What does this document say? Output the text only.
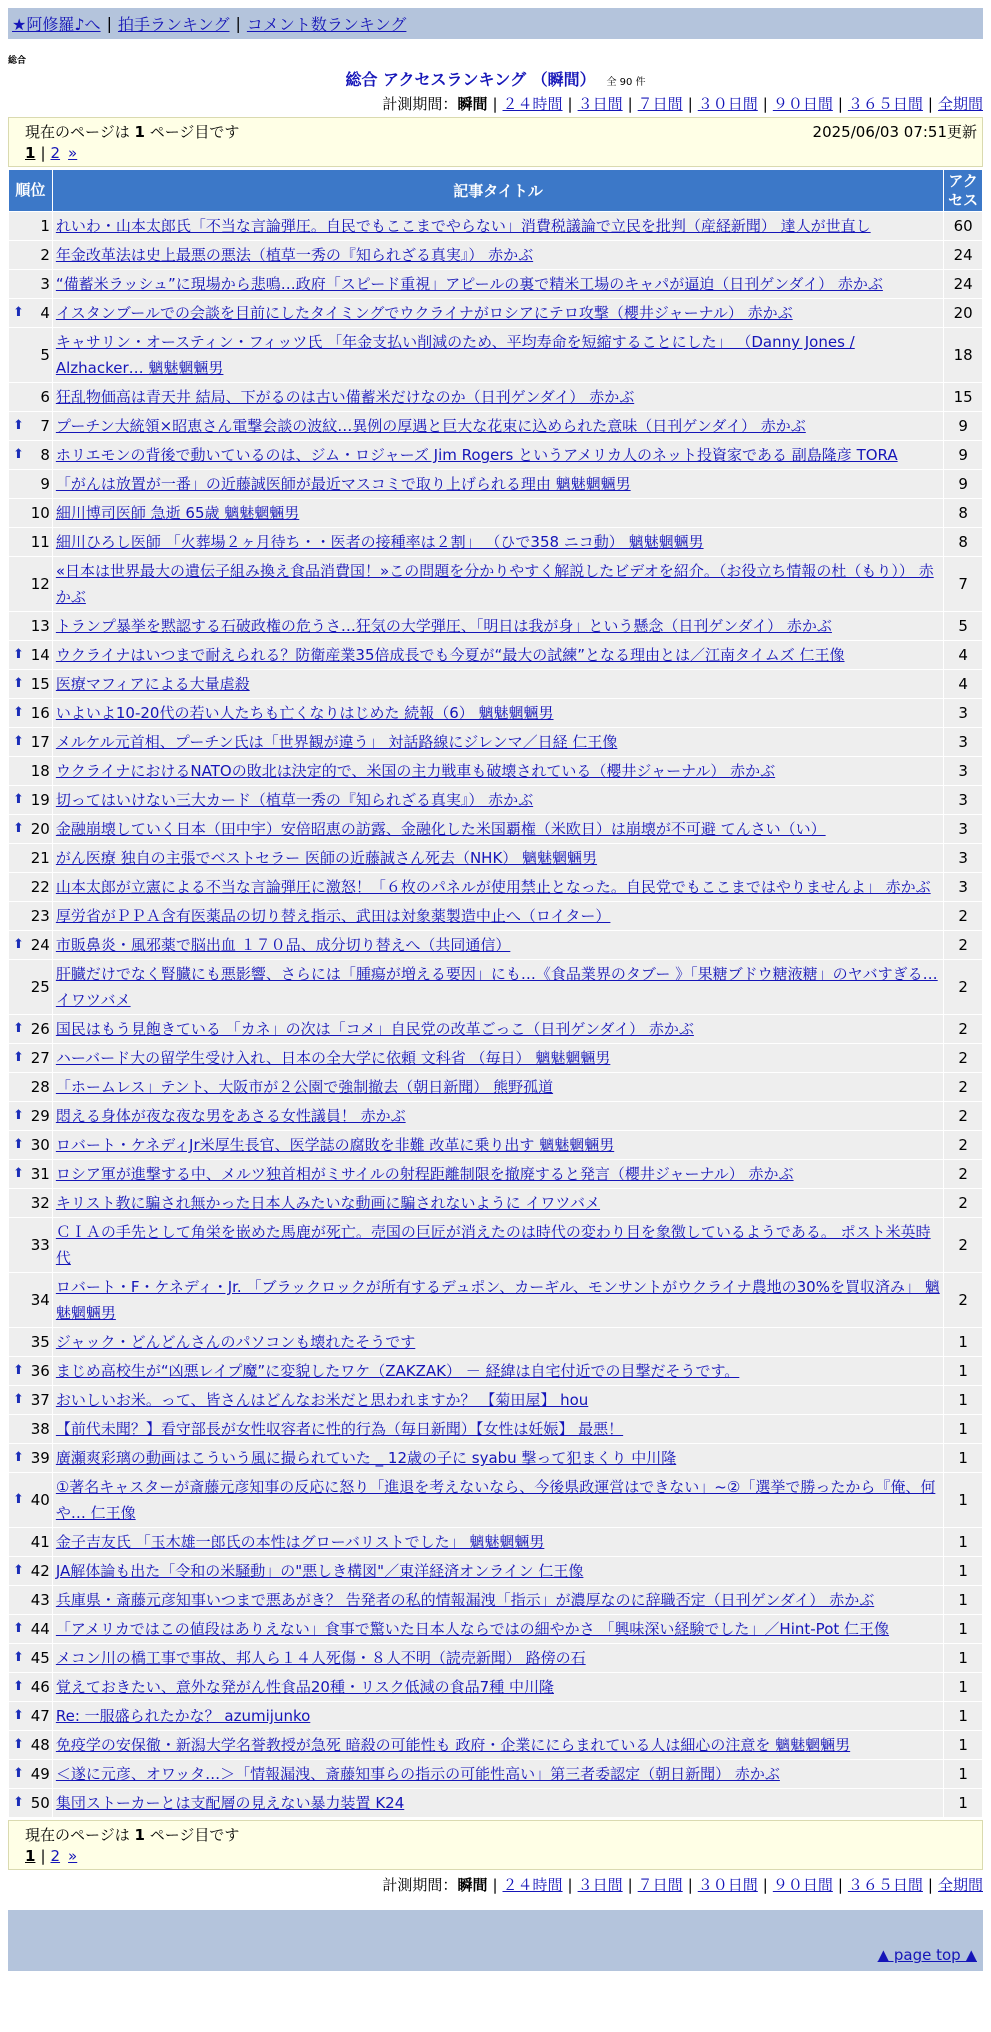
★阿修羅♪へ | 拍手ランキング | コメント数ランキング
総合
総合 アクセスランキング （瞬間） 全 90 件
計測期間：瞬間 | ２４時間 | ３日間 | ７日間 | ３０日間 | ９０日間 | ３６５日間 | 全期間
現在のページは 1 ページ目です	2025/06/03 07:51更新
1 | 2 »
順位	記事タイトル	アクセス
1	れいわ・山本太郎氏「不当な言論弾圧。自民でもここまでやらない」消費税議論で立民を批判（産経新聞） 達人が世直し	60
2	年金改革法は史上最悪の悪法（植草一秀の『知られざる真実』） 赤かぶ	24
3	“備蓄米ラッシュ”に現場から悲鳴…政府「スピード重視」アピールの裏で精米工場のキャパが逼迫（日刊ゲンダイ） 赤かぶ	24

⬆ 4	イスタンブールでの会談を目前にしたタイミングでウクライナがロシアにテロ攻撃（櫻井ジャーナル） 赤かぶ	20
5	キャサリン・オースティン・フィッツ氏 「年金支払い削減のため、平均寿命を短縮することにした」 （Danny Jones / Alzhacker… 魑魅魍魎男	18
6	狂乱物価高は青天井 結局、下がるのは古い備蓄米だけなのか（日刊ゲンダイ） 赤かぶ	15

⬆ 7	プーチン大統領×昭恵さん電撃会談の波紋…異例の厚遇と巨大な花束に込められた意味（日刊ゲンダイ） 赤かぶ	9

⬆ 8	ホリエモンの背後で動いているのは、ジム・ロジャーズ Jim Rogers というアメリカ人のネット投資家である 副島隆彦 TORA	9
9	「がんは放置が一番」の近藤誠医師が最近マスコミで取り上げられる理由 魑魅魍魎男	9
10	細川博司医師 急逝 65歳 魑魅魍魎男	8
11	細川ひろし医師 「火葬場２ヶ月待ち・・医者の接種率は２割」 （ひで358 ニコ動） 魑魅魍魎男	8
12	«日本は世界最大の遺伝子組み換え食品消費国！»この問題を分かりやすく解説したビデオを紹介。（お役立ち情報の杜（もり）） 赤かぶ	7
13	トランプ暴挙を黙認する石破政権の危うさ…狂気の大学弾圧、「明日は我が身」という懸念（日刊ゲンダイ） 赤かぶ	5

⬆ 14	ウクライナはいつまで耐えられる？防衛産業35倍成長でも今夏が“最大の試練”となる理由とは／江南タイムズ 仁王像	4

⬆ 15	医療マフィアによる大量虐殺	4

⬆ 16	いよいよ10-20代の若い人たちも亡くなりはじめた 続報（6） 魑魅魍魎男	3

⬆ 17	メルケル元首相、プーチン氏は「世界観が違う」 対話路線にジレンマ／日経 仁王像	3
18	ウクライナにおけるNATOの敗北は決定的で、米国の主力戦車も破壊されている（櫻井ジャーナル） 赤かぶ	3

⬆ 19	切ってはいけない三大カード（植草一秀の『知られざる真実』） 赤かぶ	3

⬆ 20	金融崩壊していく日本（田中宇）安倍昭恵の訪露、金融化した米国覇権（米欧日）は崩壊が不可避 てんさい（い）	3
21	がん医療 独自の主張でベストセラー 医師の近藤誠さん死去（NHK） 魑魅魍魎男	3
22	山本太郎が立憲による不当な言論弾圧に激怒！「６枚のパネルが使用禁止となった。自民党でもここまではやりませんよ」 赤かぶ	3
23	厚労省がＰＰＡ含有医薬品の切り替え指示、武田は対象薬製造中止へ（ロイター）	2

⬆ 24	市販鼻炎・風邪薬で脳出血 １７０品、成分切り替えへ（共同通信）	2
25	肝臓だけでなく腎臓にも悪影響、さらには「腫瘍が増える要因」にも…《食品業界のタブー 》「果糖ブドウ糖液糖」のヤバすぎる… イワツバメ	2

⬆ 26	国民はもう見飽きている 「カネ」の次は「コメ」自民党の改革ごっこ（日刊ゲンダイ） 赤かぶ	2

⬆ 27	ハーバード大の留学生受け入れ、日本の全大学に依頼 文科省 （毎日） 魑魅魍魎男	2
28	「ホームレス」テント、大阪市が２公園で強制撤去（朝日新聞） 熊野孤道	2

⬆ 29	悶える身体が夜な夜な男をあさる女性議員！ 赤かぶ	2

⬆ 30	ロバート・ケネディJr米厚生長官、医学誌の腐敗を非難 改革に乗り出す 魑魅魍魎男	2

⬆ 31	ロシア軍が進撃する中、メルツ独首相がミサイルの射程距離制限を撤廃すると発言（櫻井ジャーナル） 赤かぶ	2
32	キリスト教に騙され無かった日本人みたいな動画に騙されないように イワツバメ	2
33	ＣＩＡの手先として角栄を嵌めた馬鹿が死亡。売国の巨匠が消えたのは時代の変わり目を象徴しているようである。 ポスト米英時代	2
34	ロバート・F・ケネディ・Jr. 「ブラックロックが所有するデュポン、カーギル、モンサントがウクライナ農地の30%を買収済み」 魑魅魍魎男	2
35	ジャック・どんどんさんのパソコンも壊れたそうです	1

⬆ 36	まじめ高校生が“凶悪レイプ魔”に変貌したワケ（ZAKZAK） － 経緯は自宅付近での目撃だそうです。	1

⬆ 37	おいしいお米。って、皆さんはどんなお米だと思われますか？ 【菊田屋】 hou	1
38	【前代未聞？】看守部長が女性収容者に性的行為（毎日新聞）【女性は妊娠】 最悪！	1

⬆ 39	廣瀬爽彩璃の動画はこういう風に撮られていた _ 12歳の子に syabu 撃って犯まくり 中川隆	1

⬆ 40	①著名キャスターが斎藤元彦知事の反応に怒り「進退を考えないなら、今後県政運営はできない」~②「選挙で勝ったから『俺、何や… 仁王像	1
41	金子吉友氏 「玉木雄一郎氏の本性はグローバリストでした」 魑魅魍魎男	1

⬆ 42	JA解体論も出た「令和の米騒動」の"悪しき構図"／東洋経済オンライン 仁王像	1
43	兵庫県・斎藤元彦知事いつまで悪あがき？ 告発者の私的情報漏洩「指示」が濃厚なのに辞職否定（日刊ゲンダイ） 赤かぶ	1

⬆ 44	「アメリカではこの値段はありえない」食事で驚いた日本人ならではの細やかさ 「興味深い経験でした」／Hint-Pot 仁王像	1

⬆ 45	メコン川の橋工事で事故、邦人ら１４人死傷・８人不明（読売新聞） 路傍の石	1

⬆ 46	覚えておきたい、意外な発がん性食品20種・リスク低減の食品7種 中川隆	1

⬆ 47	Re: 一服盛られたかな？ azumijunko	1

⬆ 48	免疫学の安保徹・新潟大学名誉教授が急死 暗殺の可能性も 政府・企業ににらまれている人は細心の注意を 魑魅魍魎男	1

⬆ 49	＜遂に元彦、オワッタ…＞「情報漏洩、斎藤知事らの指示の可能性高い」第三者委認定（朝日新聞） 赤かぶ	1

⬆ 50	集団ストーカーとは支配層の見えない暴力装置 K24	1
現在のページは 1 ページ目です
1 | 2 »
計測期間：瞬間 | ２４時間 | ３日間 | ７日間 | ３０日間 | ９０日間 | ３６５日間 | 全期間
▲ page top ▲
